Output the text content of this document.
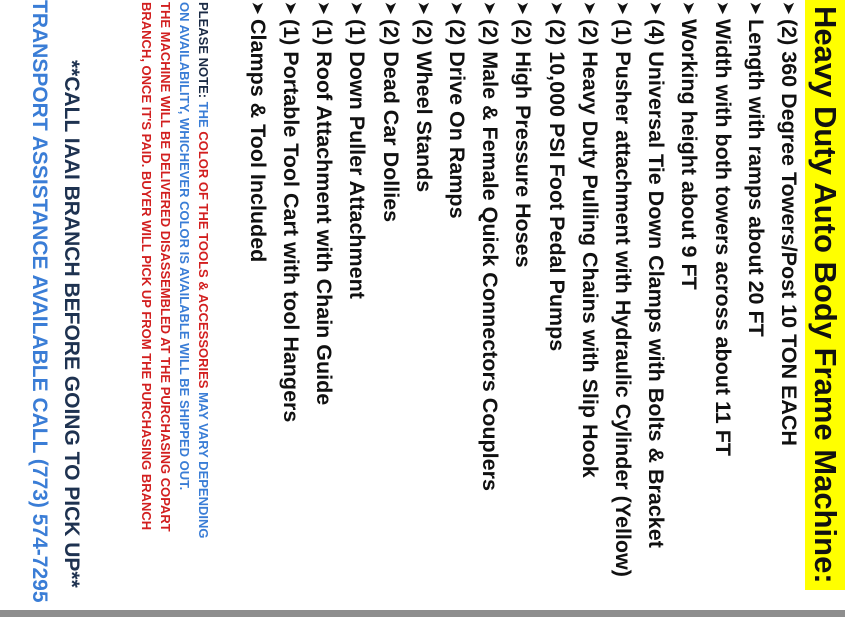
Heavy Duty Auto Body Frame Machine:
➤
(2) 360 Degree Towers/Post 10 TON EACH
➤
Length with ramps about 20 FT
➤
Width with both towers across about 11 FT
➤
Working height about 9 FT
➤
(4) Universal Tie Down Clamps with Bolts & Bracket
➤
(1) Pusher attachment with Hydraulic Cylinder (Yellow)
➤
(2) Heavy Duty Pulling Chains with Slip Hook
➤
(2) 10,000 PSI Foot Pedal Pumps
➤
(2) High Pressure Hoses
➤
(2) Male & Female Quick Connectors Couplers
➤
(2) Drive On Ramps
➤
(2) Wheel Stands
➤
(2) Dead Car Dollies
➤
(1) Down Puller Attachment
➤
(1) Roof Attachment with Chain Guide
➤
(1) Portable Tool Cart with tool Hangers
➤
Clamps & Tool Included
PLEASE NOTE: THE COLOR OF THE TOOLS & ACCESSORIES MAY VARY DEPENDING
ON AVAILABILITY, WHICHEVER COLOR IS AVAILABLE WILL BE SHIPPED OUT.
THE MACHINE WILL BE DELIVERED DISASSEMBLED AT THE PURCHASING COPART
BRANCH, ONCE IT'S PAID. BUYER WILL PICK UP FROM THE PURCHASING BRANCH
**CALL IAAI BRANCH BEFORE GOING TO PICK UP**
TRANSPORT ASSISTANCE AVAILABLE CALL (773) 574-7295
